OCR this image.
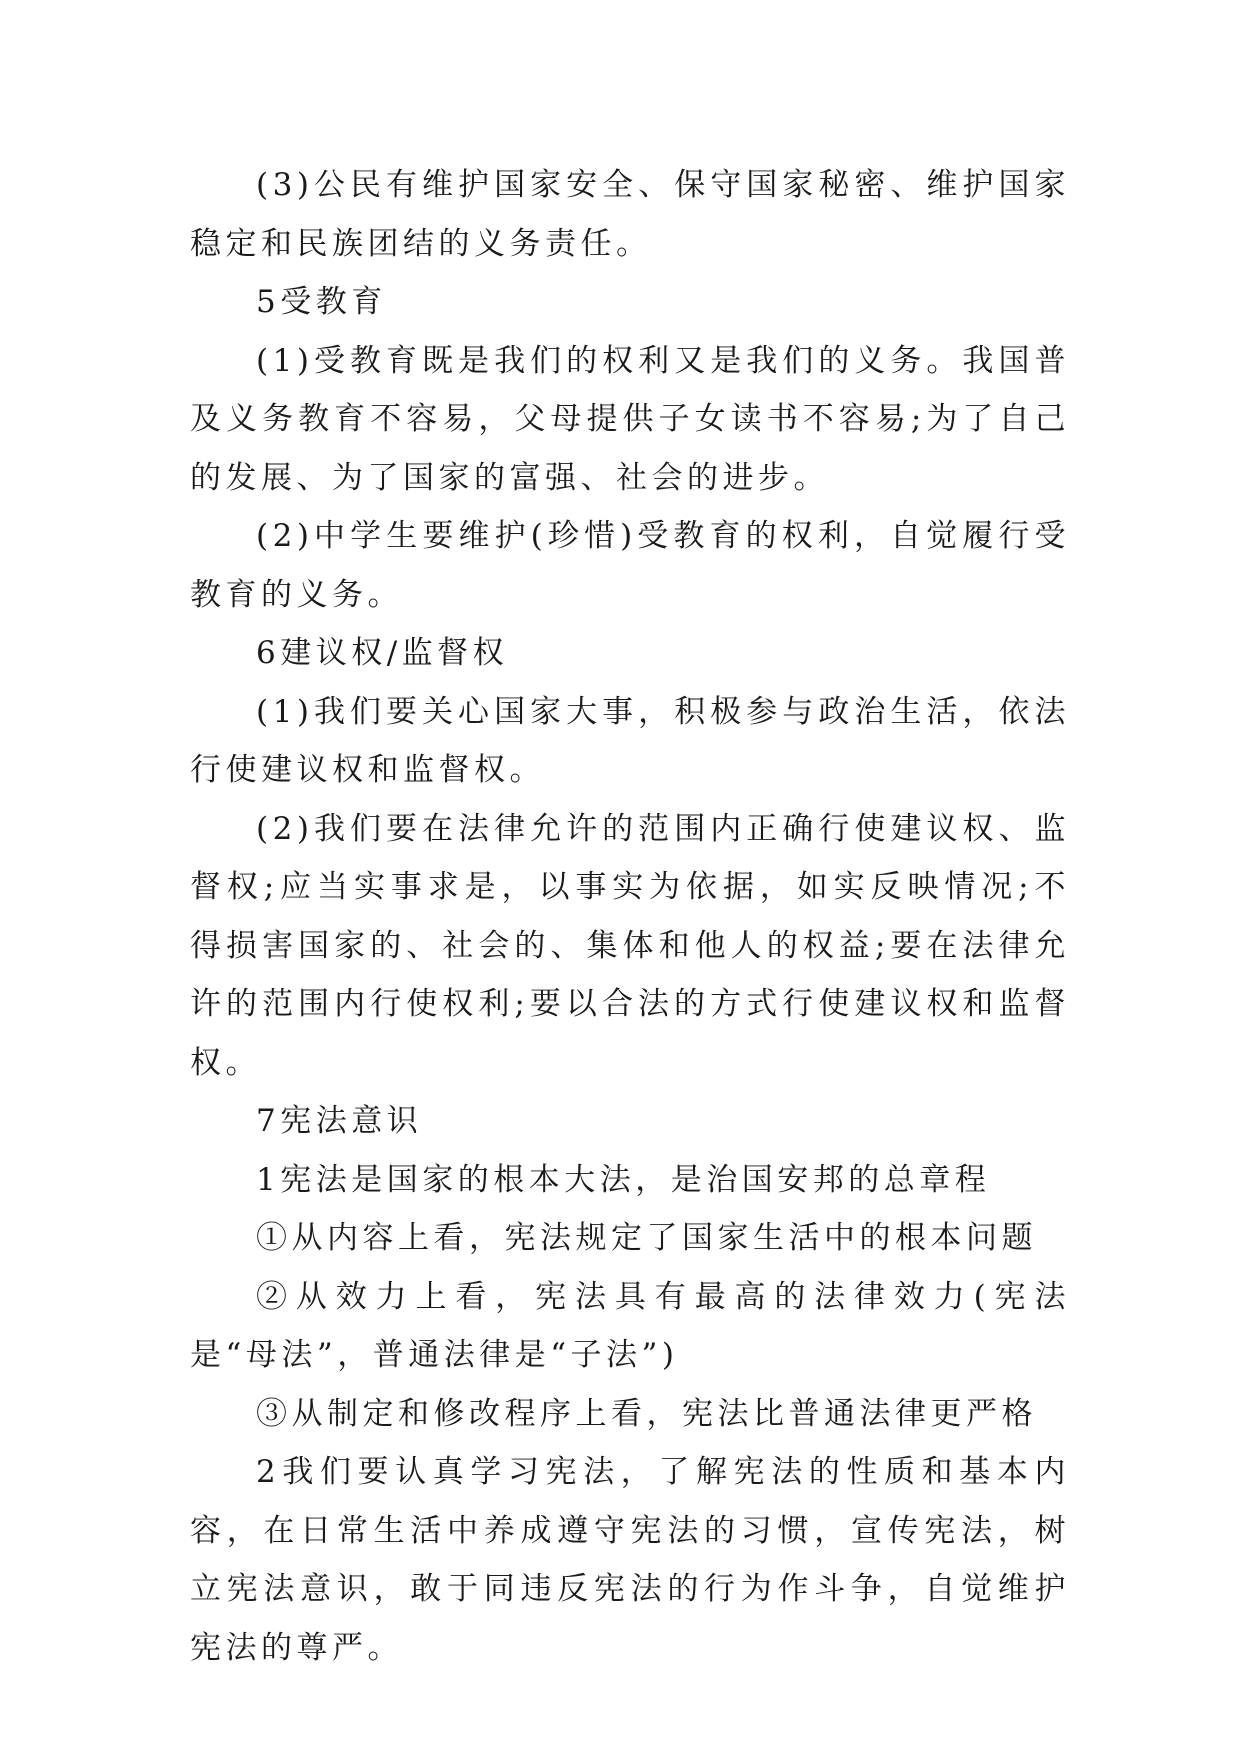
(3)公民有维护国家安全、保守国家秘密、维护国家稳定和民族团结的义务责任。

5受教育

(1)受教育既是我们的权利又是我们的义务。我国普及义务教育不容易，父母提供子女读书不容易;为了自己的发展、为了国家的富强、社会的进步。

(2)中学生要维护(珍惜)受教育的权利，自觉履行受教育的义务。

6建议权/监督权

(1)我们要关心国家大事，积极参与政治生活，依法行使建议权和监督权。

(2)我们要在法律允许的范围内正确行使建议权、监督权;应当实事求是，以事实为依据，如实反映情况;不得损害国家的、社会的、集体和他人的权益;要在法律允许的范围内行使权利;要以合法的方式行使建议权和监督权。

7宪法意识

1宪法是国家的根本大法，是治国安邦的总章程

①从内容上看，宪法规定了国家生活中的根本问题

②从效力上看，宪法具有最高的法律效力(宪法是“母法”，普通法律是“子法”)

③从制定和修改程序上看，宪法比普通法律更严格

2我们要认真学习宪法，了解宪法的性质和基本内容，在日常生活中养成遵守宪法的习惯，宣传宪法，树立宪法意识，敢于同违反宪法的行为作斗争，自觉维护宪法的尊严。
